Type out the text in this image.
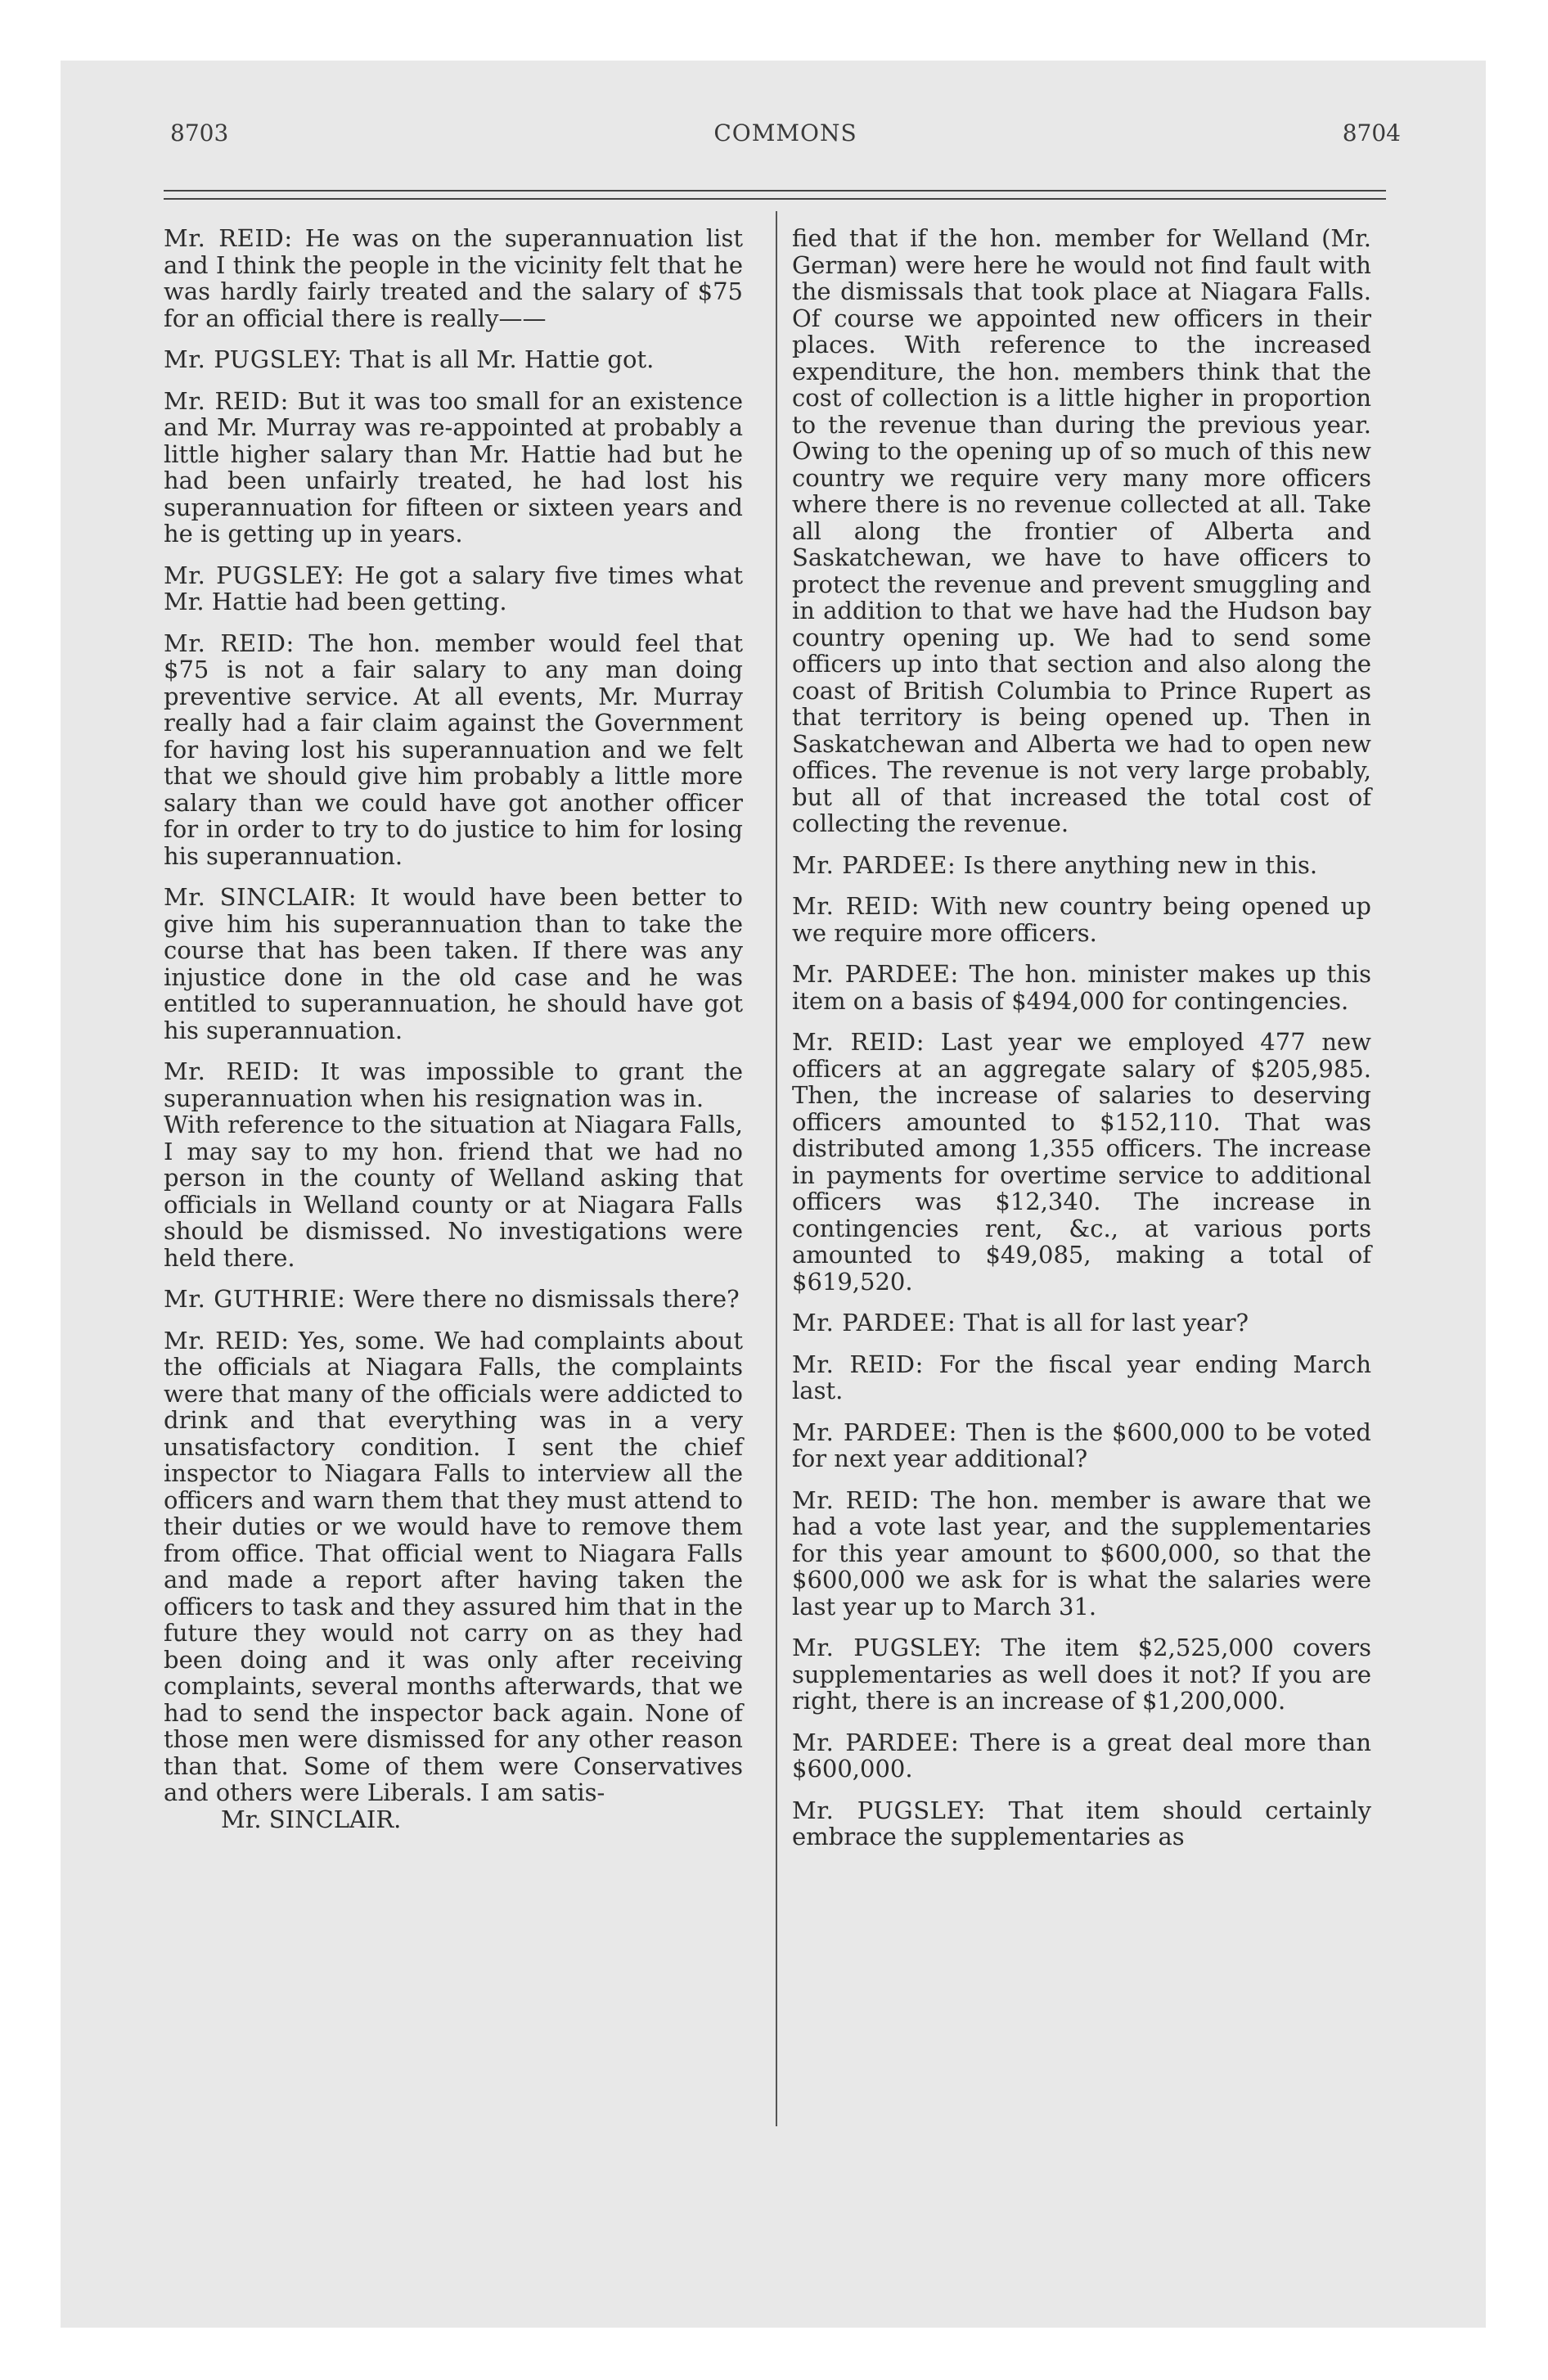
8703	COMMONS	8704

Mr. REID: He was on the superannuation list and I think the people in the vicinity felt that he was hardly fairly treated and the salary of $75 for an official there is really——

Mr. PUGSLEY: That is all Mr. Hattie got.

Mr. REID: But it was too small for an existence and Mr. Murray was re-appointed at probably a little higher salary than Mr. Hattie had but he had been unfairly treated, he had lost his superannuation for fifteen or sixteen years and he is getting up in years.

Mr. PUGSLEY: He got a salary five times what Mr. Hattie had been getting.

Mr. REID: The hon. member would feel that $75 is not a fair salary to any man doing preventive service. At all events, Mr. Murray really had a fair claim against the Government for having lost his superannuation and we felt that we should give him probably a little more salary than we could have got another officer for in order to try to do justice to him for losing his superannuation.

Mr. SINCLAIR: It would have been better to give him his superannuation than to take the course that has been taken. If there was any injustice done in the old case and he was entitled to superannuation, he should have got his superannuation.

Mr. REID: It was impossible to grant the superannuation when his resignation was in.

With reference to the situation at Niagara Falls, I may say to my hon. friend that we had no person in the county of Welland asking that officials in Welland county or at Niagara Falls should be dismissed. No investigations were held there.

Mr. GUTHRIE: Were there no dismissals there?

Mr. REID: Yes, some. We had complaints about the officials at Niagara Falls, the complaints were that many of the officials were addicted to drink and that everything was in a very unsatisfactory condition. I sent the chief inspector to Niagara Falls to interview all the officers and warn them that they must attend to their duties or we would have to remove them from office. That official went to Niagara Falls and made a report after having taken the officers to task and they assured him that in the future they would not carry on as they had been doing and it was only after receiving complaints, several months afterwards, that we had to send the inspector back again. None of those men were dismissed for any other reason than that. Some of them were Conservatives and others were Liberals. I am satis-

Mr. SINCLAIR.

fied that if the hon. member for Welland (Mr. German) were here he would not find fault with the dismissals that took place at Niagara Falls. Of course we appointed new officers in their places. With reference to the increased expenditure, the hon. members think that the cost of collection is a little higher in proportion to the revenue than during the previous year. Owing to the opening up of so much of this new country we require very many more officers where there is no revenue collected at all. Take all along the frontier of Alberta and Saskatchewan, we have to have officers to protect the revenue and prevent smuggling and in addition to that we have had the Hudson bay country opening up. We had to send some officers up into that section and also along the coast of British Columbia to Prince Rupert as that territory is being opened up. Then in Saskatchewan and Alberta we had to open new offices. The revenue is not very large probably, but all of that increased the total cost of collecting the revenue.

Mr. PARDEE: Is there anything new in this.

Mr. REID: With new country being opened up we require more officers.

Mr. PARDEE: The hon. minister makes up this item on a basis of $494,000 for contingencies.

Mr. REID: Last year we employed 477 new officers at an aggregate salary of $205,985. Then, the increase of salaries to deserving officers amounted to $152,110. That was distributed among 1,355 officers. The increase in payments for overtime service to additional officers was $12,340. The increase in contingencies rent, &c., at various ports amounted to $49,085, making a total of $619,520.

Mr. PARDEE: That is all for last year?

Mr. REID: For the fiscal year ending March last.

Mr. PARDEE: Then is the $600,000 to be voted for next year additional?

Mr. REID: The hon. member is aware that we had a vote last year, and the supplementaries for this year amount to $600,000, so that the $600,000 we ask for is what the salaries were last year up to March 31.

Mr. PUGSLEY: The item $2,525,000 covers supplementaries as well does it not? If you are right, there is an increase of $1,200,000.

Mr. PARDEE: There is a great deal more than $600,000.

Mr. PUGSLEY: That item should certainly embrace the supplementaries as
